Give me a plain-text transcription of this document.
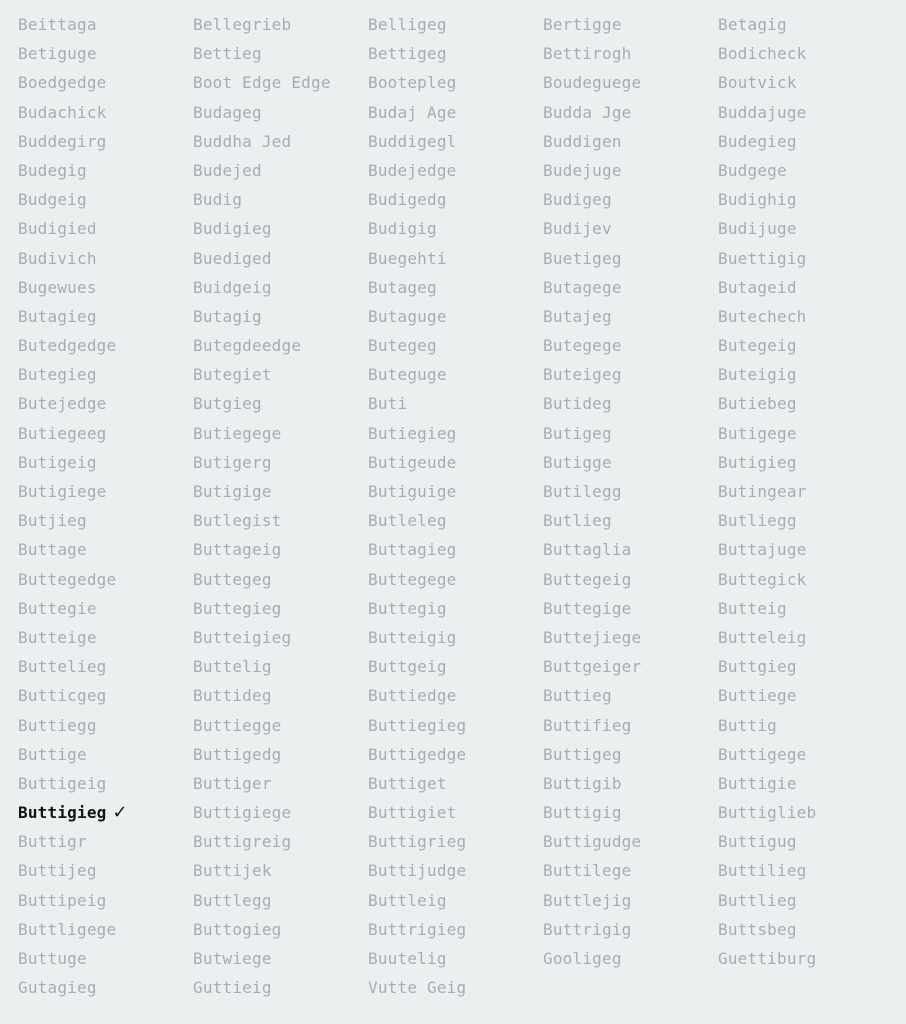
Beittaga	Bellegrieb	Belligeg	Bertigge	Betagig
Betiguge	Bettieg	Bettigeg	Bettirogh	Bodicheck
Boedgedge	Boot Edge Edge	Bootepleg	Boudeguege	Boutvick
Budachick	Budageg	Budaj Age	Budda Jge	Buddajuge
Buddegirg	Buddha Jed	Buddigegl	Buddigen	Budegieg
Budegig	Budejed	Budejedge	Budejuge	Budgege
Budgeig	Budig	Budigedg	Budigeg	Budighig
Budigied	Budigieg	Budigig	Budijev	Budijuge
Budivich	Buediged	Buegehti	Buetigeg	Buettigig
Bugewues	Buidgeig	Butageg	Butagege	Butageid
Butagieg	Butagig	Butaguge	Butajeg	Butechech
Butedgedge	Butegdeedge	Butegeg	Butegege	Butegeig
Butegieg	Butegiet	Buteguge	Buteigeg	Buteigig
Butejedge	Butgieg	Buti	Butideg	Butiebeg
Butiegeeg	Butiegege	Butiegieg	Butigeg	Butigege
Butigeig	Butigerg	Butigeude	Butigge	Butigieg
Butigiege	Butigige	Butiguige	Butilegg	Butingear
Butjieg	Butlegist	Butleleg	Butlieg	Butliegg
Buttage	Buttageig	Buttagieg	Buttaglia	Buttajuge
Buttegedge	Buttegeg	Buttegege	Buttegeig	Buttegick
Buttegie	Buttegieg	Buttegig	Buttegige	Butteig
Butteige	Butteigieg	Butteigig	Buttejiege	Butteleig
Buttelieg	Buttelig	Buttgeig	Buttgeiger	Buttgieg
Butticgeg	Buttideg	Buttiedge	Buttieg	Buttiege
Buttiegg	Buttiegge	Buttiegieg	Buttifieg	Buttig
Buttige	Buttigedg	Buttigedge	Buttigeg	Buttigege
Buttigeig	Buttiger	Buttiget	Buttigib	Buttigie
Buttigieg ✓	Buttigiege	Buttigiet	Buttigig	Buttiglieb
Buttigr	Buttigreig	Buttigrieg	Buttigudge	Buttigug
Buttijeg	Buttijek	Buttijudge	Buttilege	Buttilieg
Buttipeig	Buttlegg	Buttleig	Buttlejig	Buttlieg
Buttligege	Buttogieg	Buttrigieg	Buttrigig	Buttsbeg
Buttuge	Butwiege	Buutelig	Gooligeg	Guettiburg
Gutagieg	Guttieig	Vutte Geig
